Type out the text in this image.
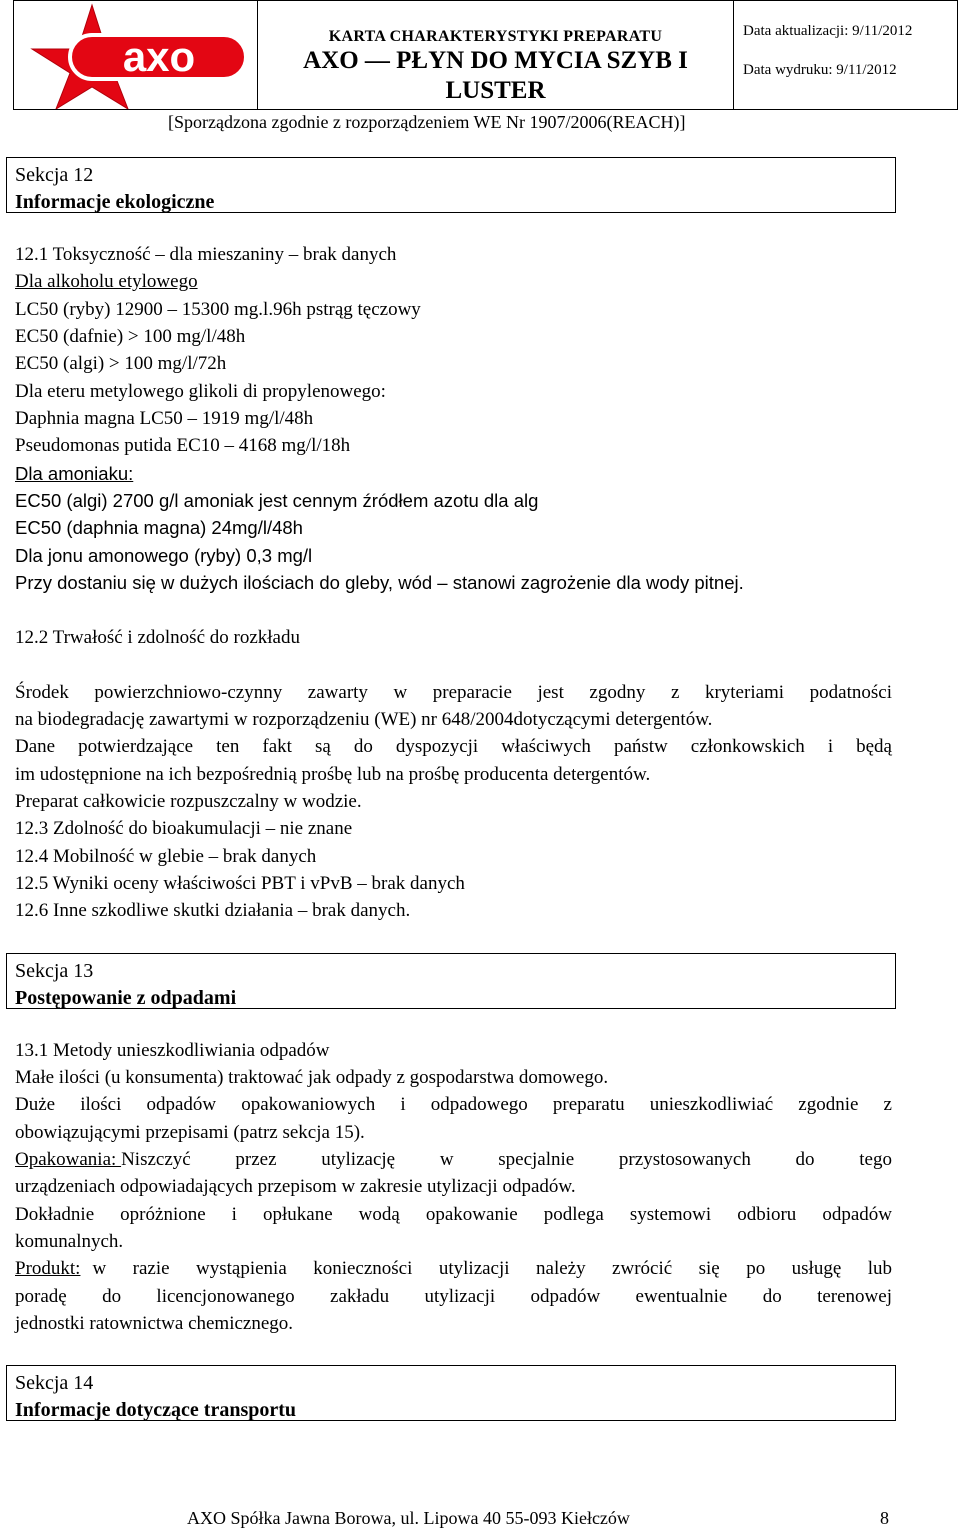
axo	KARTA CHARAKTERYSTYKI PREPARATU
AXO — PŁYN DO MYCIA SZYB I
LUSTER
Data aktualizacji: 9/11/2012
Data wydruku: 9/11/2012
[Sporządzona zgodnie z rozporządzeniem WE Nr 1907/2006(REACH)]
Sekcja 12
Informacje ekologiczne
12.1 Toksyczność – dla mieszaniny – brak danych
Dla alkoholu etylowego
LC50 (ryby) 12900 – 15300 mg.l.96h pstrąg tęczowy
EC50 (dafnie) > 100 mg/l/48h
EC50 (algi) > 100 mg/l/72h
Dla eteru metylowego glikoli di propylenowego:
Daphnia magna LC50 – 1919 mg/l/48h
Pseudomonas putida EC10 – 4168 mg/l/18h
Dla amoniaku:
EC50 (algi) 2700 g/l amoniak jest cennym źródłem azotu dla alg
EC50 (daphnia magna) 24mg/l/48h
Dla jonu amonowego (ryby) 0,3 mg/l
Przy dostaniu się w dużych ilościach do gleby, wód – stanowi zagrożenie dla wody pitnej.
12.2 Trwałość i zdolność do rozkładu
Środek powierzchniowo-czynny zawarty w preparacie jest zgodny z kryteriami podatności
na biodegradację zawartymi w rozporządzeniu (WE) nr 648/2004dotyczącymi detergentów.
Dane potwierdzające ten fakt są do dyspozycji właściwych państw członkowskich i będą
im udostępnione na ich bezpośrednią prośbę lub na prośbę producenta detergentów.
Preparat całkowicie rozpuszczalny w wodzie.
12.3 Zdolność do bioakumulacji – nie znane
12.4 Mobilność w glebie – brak danych
12.5 Wyniki oceny właściwości PBT i vPvB – brak danych
12.6 Inne szkodliwe skutki działania – brak danych.
Sekcja 13
Postępowanie z odpadami
13.1 Metody unieszkodliwiania odpadów
Małe ilości (u konsumenta) traktować jak odpady z gospodarstwa domowego.
Duże ilości odpadów opakowaniowych i odpadowego preparatu unieszkodliwiać zgodnie z
obowiązującymi przepisami (patrz sekcja 15).
Opakowania: Niszczyć przez utylizację w specjalnie przystosowanych do tego
urządzeniach odpowiadających przepisom w zakresie utylizacji odpadów.
Dokładnie opróżnione i opłukane wodą opakowanie podlega systemowi odbioru odpadów
komunalnych.
Produkt: w razie wystąpienia konieczności utylizacji należy zwrócić się po usługę lub
poradę do licencjonowanego zakładu utylizacji odpadów ewentualnie do terenowej
jednostki ratownictwa chemicznego.
Sekcja 14
Informacje dotyczące transportu
AXO Spółka Jawna Borowa, ul. Lipowa 40 55-093 Kiełczów	8
